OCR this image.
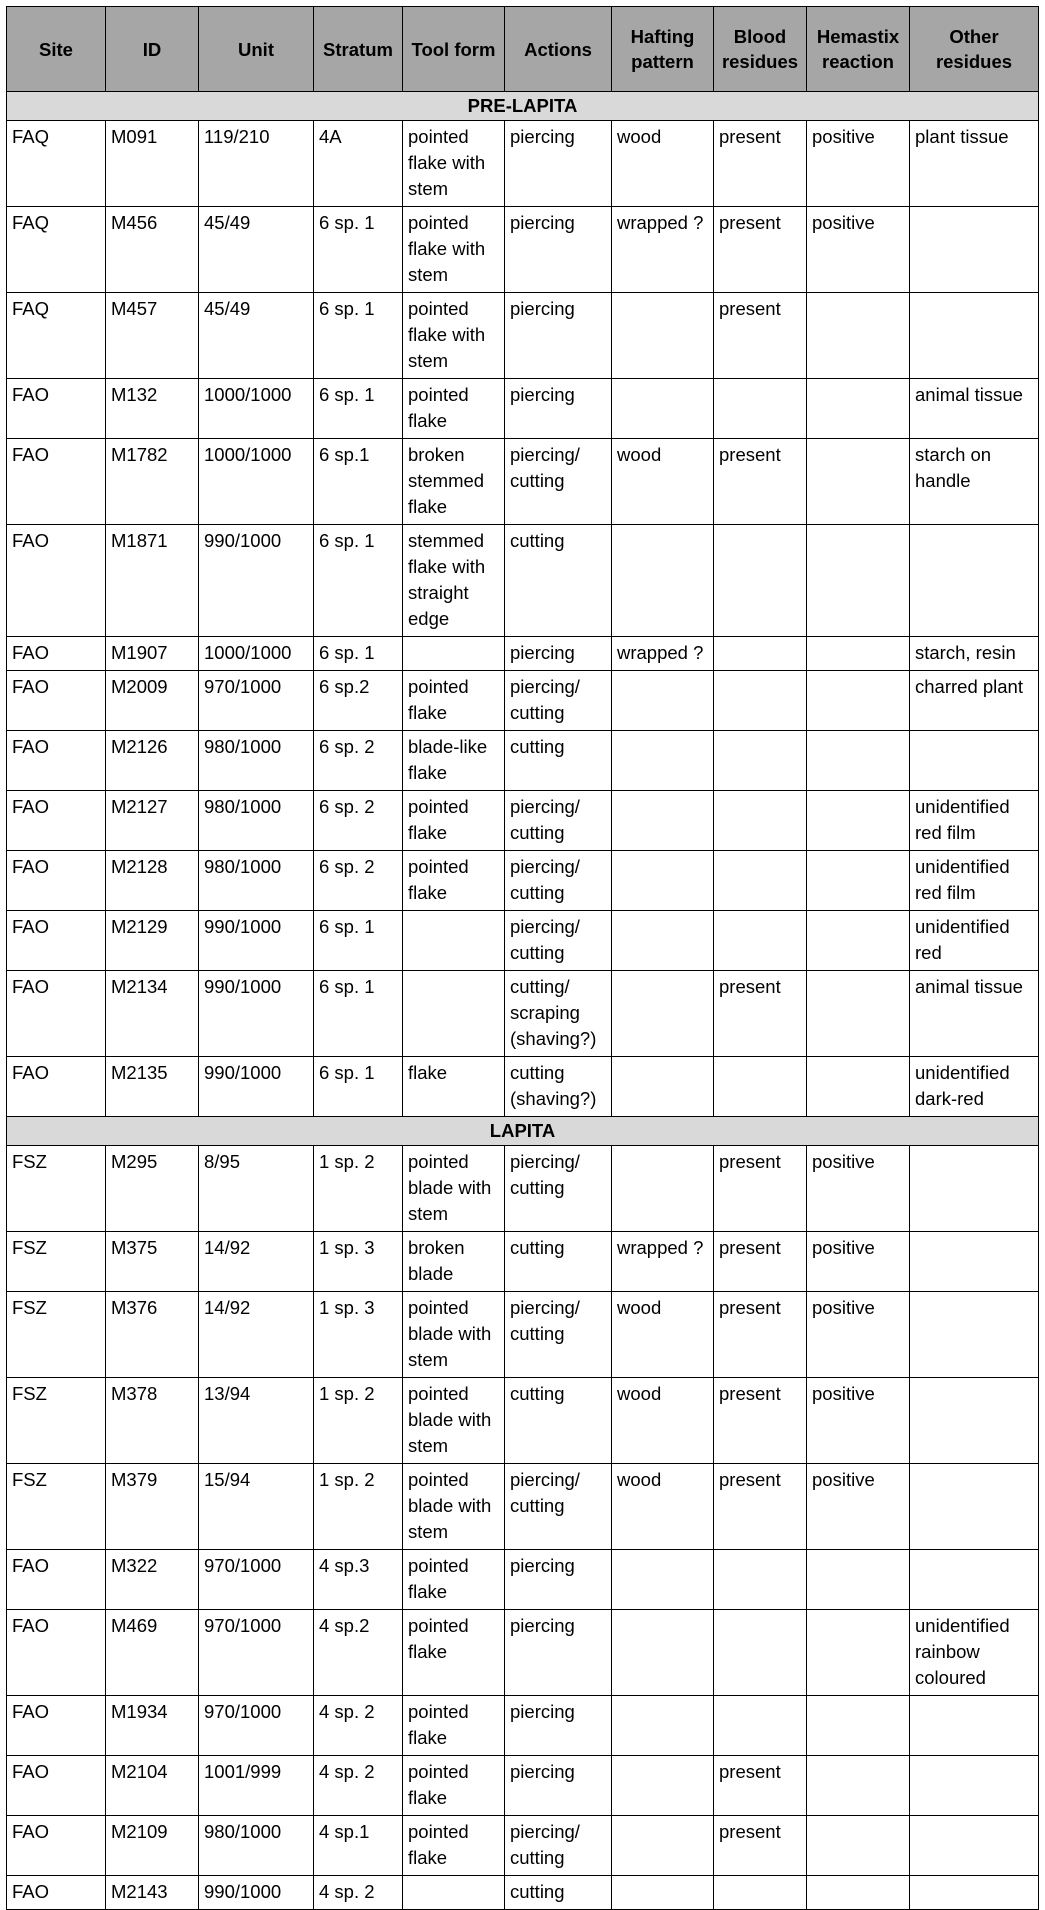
Site	ID	Unit	Stratum	Tool form	Actions	Hafting pattern	Blood residues	Hemastix reaction	Other residues
PRE-LAPITA									
FAQ	M091	119/210	4A	pointed flake with stem	piercing	wood	present	positive	plant tissue
FAQ	M456	45/49	6 sp. 1	pointed flake with stem	piercing	wrapped ?	present	positive	
FAQ	M457	45/49	6 sp. 1	pointed flake with stem	piercing		present		
FAO	M132	1000/1000	6 sp. 1	pointed flake	piercing				animal tissue
FAO	M1782	1000/1000	6 sp.1	broken stemmed flake	piercing/ cutting	wood	present		starch on handle
FAO	M1871	990/1000	6 sp. 1	stemmed flake with straight edge	cutting				
FAO	M1907	1000/1000	6 sp. 1		piercing	wrapped ?			starch, resin
FAO	M2009	970/1000	6 sp.2	pointed flake	piercing/ cutting				charred plant
FAO	M2126	980/1000	6 sp. 2	blade-like flake	cutting				
FAO	M2127	980/1000	6 sp. 2	pointed flake	piercing/ cutting				unidentified red film
FAO	M2128	980/1000	6 sp. 2	pointed flake	piercing/ cutting				unidentified red film
FAO	M2129	990/1000	6 sp. 1		piercing/ cutting				unidentified red
FAO	M2134	990/1000	6 sp. 1		cutting/ scraping (shaving?)		present		animal tissue
FAO	M2135	990/1000	6 sp. 1	flake	cutting (shaving?)				unidentified dark-red
LAPITA									
FSZ	M295	8/95	1 sp. 2	pointed blade with stem	piercing/ cutting		present	positive	
FSZ	M375	14/92	1 sp. 3	broken blade	cutting	wrapped ?	present	positive	
FSZ	M376	14/92	1 sp. 3	pointed blade with stem	piercing/ cutting	wood	present	positive	
FSZ	M378	13/94	1 sp. 2	pointed blade with stem	cutting	wood	present	positive	
FSZ	M379	15/94	1 sp. 2	pointed blade with stem	piercing/ cutting	wood	present	positive	
FAO	M322	970/1000	4 sp.3	pointed flake	piercing				
FAO	M469	970/1000	4 sp.2	pointed flake	piercing				unidentified rainbow coloured
FAO	M1934	970/1000	4 sp. 2	pointed flake	piercing				
FAO	M2104	1001/999	4 sp. 2	pointed flake	piercing		present		
FAO	M2109	980/1000	4 sp.1	pointed flake	piercing/ cutting		present		
FAO	M2143	990/1000	4 sp. 2		cutting				
